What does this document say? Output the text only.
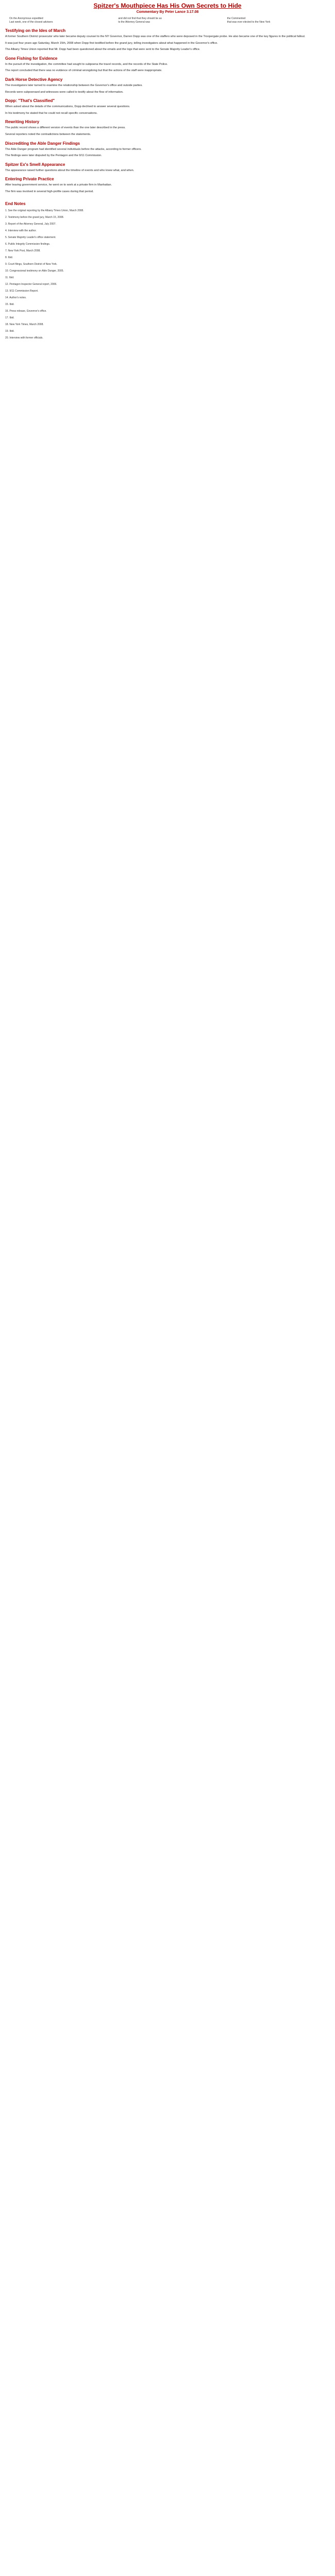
Spitzer's Mouthpiece Has His Own Secrets to Hide
Commentary By Peter Lance 3.17.08
On the Anonymous expedited	and did not find that they should be as	the Commented
Last week, one of the closest advisers	to the Attorney General was	that was ever elected to the New York
Testifying on the Ides of March

A former Southern District prosecutor who later became deputy counsel to the NY Governor, Darren Dopp was one of the staffers who were deposed in the Troopergate probe. He also became one of the key figures in the political fallout.

It was just four years ago Saturday, March 15th, 2008 when Dopp first testified before the grand jury, telling investigators about what happened in the Governor's office.

The Albany Times Union reported that Mr. Dopp had been questioned about the emails and the logs that were sent to the Senate Majority Leader's office.

Gone Fishing for Evidence

In the pursuit of the investigation, the committee had sought to subpoena the travel records, and the records of the State Police.

The report concluded that there was no evidence of criminal wrongdoing but that the actions of the staff were inappropriate.

Dark Horse Detective Agency

The investigators later turned to examine the relationship between the Governor's office and outside parties.

Records were subpoenaed and witnesses were called to testify about the flow of information.

Dopp: "That's Classified"

When asked about the details of the communications, Dopp declined to answer several questions.

In his testimony he stated that he could not recall specific conversations.

Rewriting History

The public record shows a different version of events than the one later described in the press.

Several reporters noted the contradictions between the statements.

Discrediting the Able Danger Findings

The Able Danger program had identified several individuals before the attacks, according to former officers.

The findings were later disputed by the Pentagon and the 9/11 Commission.

Spitzer Ex's Smell Appearance

The appearance raised further questions about the timeline of events and who knew what, and when.

Entering Private Practice

After leaving government service, he went on to work at a private firm in Manhattan.

The firm was involved in several high-profile cases during that period.

End Notes

1. See the original reporting by the Albany Times Union, March 2008.

2. Testimony before the grand jury, March 15, 2008.

3. Report of the Attorney General, July 2007.

4. Interview with the author.

5. Senate Majority Leader's office statement.

6. Public Integrity Commission findings.

7. New York Post, March 2008.

8. Ibid.

9. Court filings, Southern District of New York.

10. Congressional testimony on Able Danger, 2005.

11. Ibid.

12. Pentagon Inspector General report, 2006.

13. 9/11 Commission Report.

14. Author's notes.

15. Ibid.

16. Press release, Governor's office.

17. Ibid.

18. New York Times, March 2008.

19. Ibid.

20. Interview with former officials.
